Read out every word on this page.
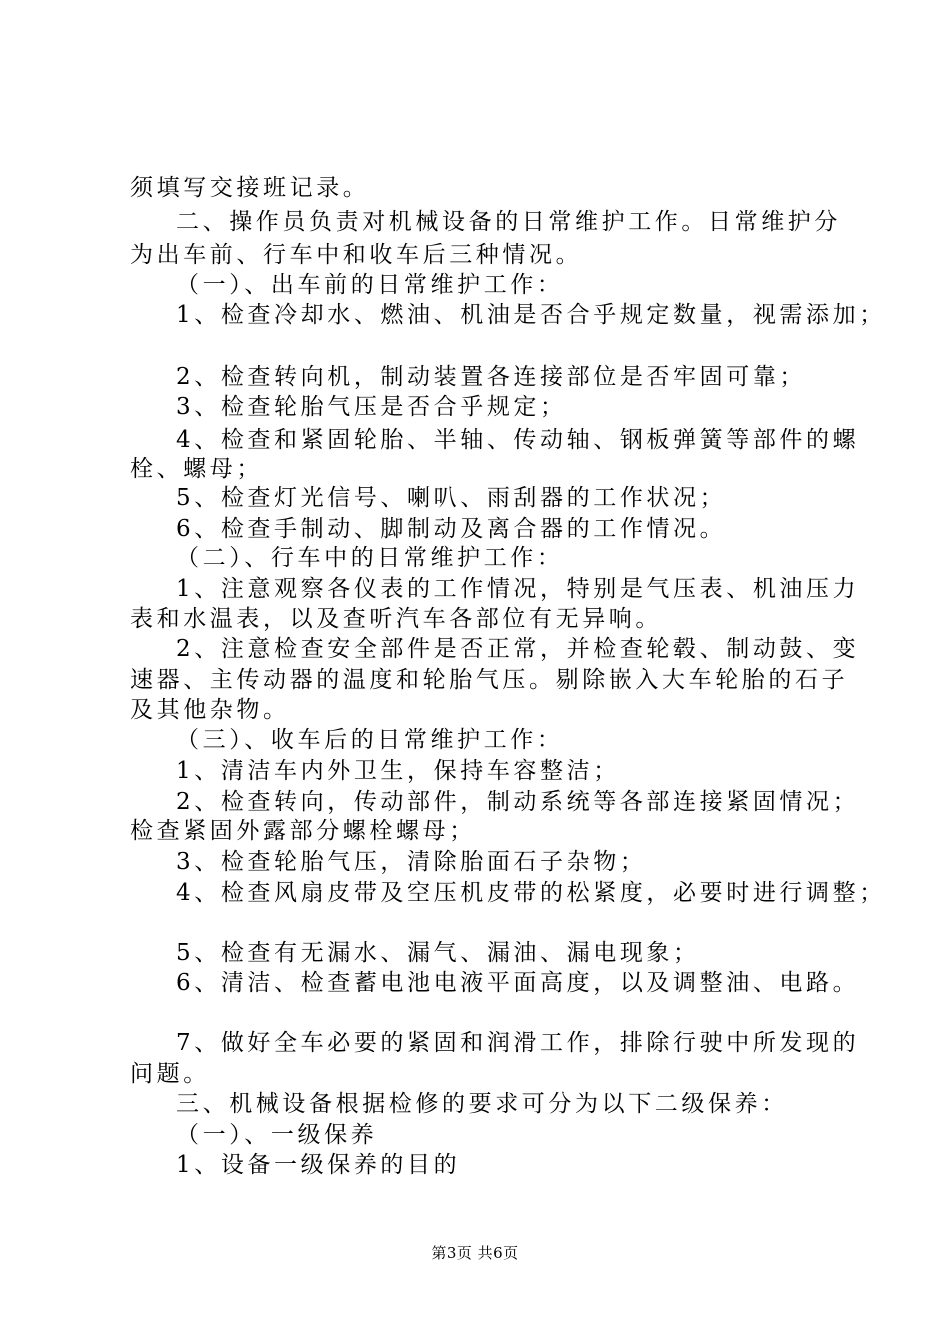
须填写交接班记录。
二、操作员负责对机械设备的日常维护工作。日常维护分
为出车前、行车中和收车后三种情况。
（一）、出车前的日常维护工作：
1、检查冷却水、燃油、机油是否合乎规定数量，视需添加；
2、检查转向机，制动装置各连接部位是否牢固可靠；
3、检查轮胎气压是否合乎规定；
4、检查和紧固轮胎、半轴、传动轴、钢板弹簧等部件的螺
栓、螺母；
5、检查灯光信号、喇叭、雨刮器的工作状况；
6、检查手制动、脚制动及离合器的工作情况。
（二）、行车中的日常维护工作：
1、注意观察各仪表的工作情况，特别是气压表、机油压力
表和水温表，以及查听汽车各部位有无异响。
2、注意检查安全部件是否正常，并检查轮毂、制动鼓、变
速器、主传动器的温度和轮胎气压。剔除嵌入大车轮胎的石子
及其他杂物。
（三）、收车后的日常维护工作：
1、清洁车内外卫生，保持车容整洁；
2、检查转向，传动部件，制动系统等各部连接紧固情况；
检查紧固外露部分螺栓螺母；
3、检查轮胎气压，清除胎面石子杂物；
4、检查风扇皮带及空压机皮带的松紧度，必要时进行调整；
5、检查有无漏水、漏气、漏油、漏电现象；
6、清洁、检查蓄电池电液平面高度，以及调整油、电路。
7、做好全车必要的紧固和润滑工作，排除行驶中所发现的
问题。
三、机械设备根据检修的要求可分为以下二级保养：
（一）、一级保养
1、设备一级保养的目的
第3页 共6页
